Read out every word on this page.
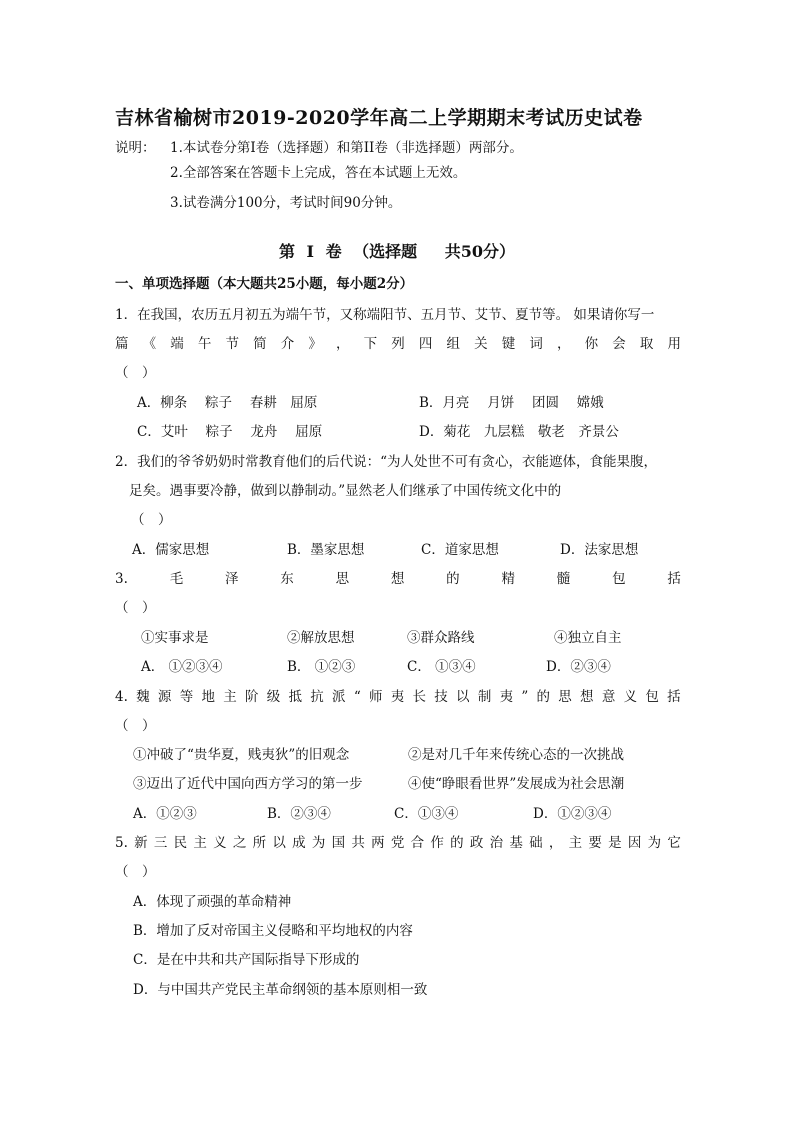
吉林省榆树市2019-2020学年高二上学期期末考试历史试卷
说明： 1.本试卷分第I卷（选择题）和第II卷（非选择题）两部分。
2.全部答案在答题卡上完成，答在本试题上无效。
3.试卷满分100分，考试时间90分钟。
第 I 卷 （选择题　 共50分）
一、单项选择题（本大题共25小题，每小题2分）
1．在我国，农历五月初五为端午节，又称端阳节、五月节、艾节、夏节等。 如果请你写一
篇 《 端 午 节 简 介 》 ， 下 列 四 组 关 键 词 ， 你 会 取 用
（　）
A．柳条　 粽子　 春耕　屈原	B．月亮　 月饼　 团圆　 嫦娥
C．艾叶　 粽子　 龙舟　 屈原	D．菊花　九层糕　敬老　齐景公
2．我们的爷爷奶奶时常教育他们的后代说：“为人处世不可有贪心，衣能遮体，食能果腹，
足矣。遇事要冷静，做到以静制动。”显然老人们继承了中国传统文化中的
（　）
A．儒家思想	B．墨家思想	C．道家思想	D．法家思想
3.	毛	泽	东	思	想	的	精	髓	包	括
（　）
①实事求是	②解放思想	③群众路线	④独立自主
A． ①②③④	B． ①②③	C． ①③④	D．②③④
4. 魏 源 等 地 主 阶 级 抵 抗 派 “ 师 夷 长 技 以 制 夷 ” 的 思 想 意 义 包 括
（　）
①冲破了“贵华夏，贱夷狄”的旧观念	②是对几千年来传统心态的一次挑战
③迈出了近代中国向西方学习的第一步	④使“睁眼看世界”发展成为社会思潮
A．①②③	B．②③④	C．①③④	D．①②③④
5. 新 三 民 主 义 之 所 以 成 为 国 共 两 党 合 作 的 政 治 基 础 ， 主 要 是 因 为 它
（　）
A．体现了顽强的革命精神
B．增加了反对帝国主义侵略和平均地权的内容
C．是在中共和共产国际指导下形成的
D．与中国共产党民主革命纲领的基本原则相一致
